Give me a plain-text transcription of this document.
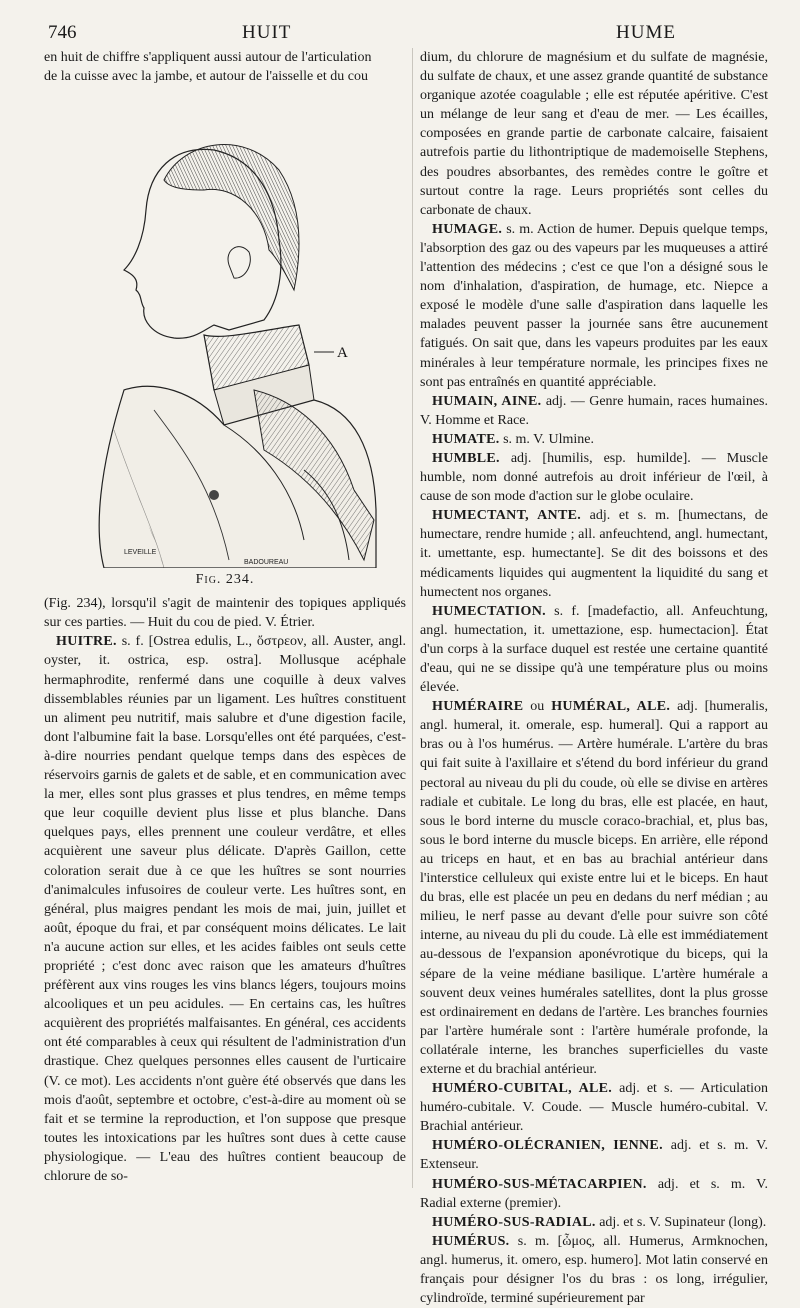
746	HUIT	HUME

en huit de chiffre s'appliquent aussi autour de l'articulation

de la cuisse avec la jambe, et autour de l'aisselle et du cou

A
LEVEILLE
BADOUREAU
Fig. 234.

(Fig. 234), lorsqu'il s'agit de maintenir des topiques appliqués sur ces parties. — Huit du cou de pied. V. Étrier.

HUITRE. s. f. [Ostrea edulis, L., ὄστρεον, all. Auster, angl. oyster, it. ostrica, esp. ostra]. Mollusque acéphale hermaphrodite, renfermé dans une coquille à deux valves dissemblables réunies par un ligament. Les huîtres constituent un aliment peu nutritif, mais salubre et d'une digestion facile, dont l'albumine fait la base. Lorsqu'elles ont été parquées, c'est-à-dire nourries pendant quelque temps dans des espèces de réservoirs garnis de galets et de sable, et en communication avec la mer, elles sont plus grasses et plus tendres, en même temps que leur coquille devient plus lisse et plus blanche. Dans quelques pays, elles prennent une couleur verdâtre, et elles acquièrent une saveur plus délicate. D'après Gaillon, cette coloration serait due à ce que les huîtres se sont nourries d'animalcules infusoires de couleur verte. Les huîtres sont, en général, plus maigres pendant les mois de mai, juin, juillet et août, époque du frai, et par conséquent moins délicates. Le lait n'a aucune action sur elles, et les acides faibles ont seuls cette propriété ; c'est donc avec raison que les amateurs d'huîtres préfèrent aux vins rouges les vins blancs légers, toujours moins alcooliques et un peu acidules. — En certains cas, les huîtres acquièrent des propriétés malfaisantes. En général, ces accidents ont été comparables à ceux qui résultent de l'administration d'un drastique. Chez quelques personnes elles causent de l'urticaire (V. ce mot). Les accidents n'ont guère été observés que dans les mois d'août, septembre et octobre, c'est-à-dire au moment où se fait et se termine la reproduction, et l'on suppose que presque toutes les intoxications par les huîtres sont dues à cette cause physiologique. — L'eau des huîtres contient beaucoup de chlorure de so-

dium, du chlorure de magnésium et du sulfate de magnésie, du sulfate de chaux, et une assez grande quantité de substance organique azotée coagulable ; elle est réputée apéritive. C'est un mélange de leur sang et d'eau de mer. — Les écailles, composées en grande partie de carbonate calcaire, faisaient autrefois partie du lithontriptique de mademoiselle Stephens, des poudres absorbantes, des remèdes contre le goître et surtout contre la rage. Leurs propriétés sont celles du carbonate de chaux.

HUMAGE. s. m. Action de humer. Depuis quelque temps, l'absorption des gaz ou des vapeurs par les muqueuses a attiré l'attention des médecins ; c'est ce que l'on a désigné sous le nom d'inhalation, d'aspiration, de humage, etc. Niepce a exposé le modèle d'une salle d'aspiration dans laquelle les malades peuvent passer la journée sans être aucunement fatigués. On sait que, dans les vapeurs produites par les eaux minérales à leur température normale, les principes fixes ne sont pas entraînés en quantité appréciable.

HUMAIN, AINE. adj. — Genre humain, races humaines. V. Homme et Race.

HUMATE. s. m. V. Ulmine.

HUMBLE. adj. [humilis, esp. humilde]. — Muscle humble, nom donné autrefois au droit inférieur de l'œil, à cause de son mode d'action sur le globe oculaire.

HUMECTANT, ANTE. adj. et s. m. [humectans, de humectare, rendre humide ; all. anfeuchtend, angl. humectant, it. umettante, esp. humectante]. Se dit des boissons et des médicaments liquides qui augmentent la liquidité du sang et humectent nos organes.

HUMECTATION. s. f. [madefactio, all. Anfeuchtung, angl. humectation, it. umettazione, esp. humectacion]. État d'un corps à la surface duquel est restée une certaine quantité d'eau, qui ne se dissipe qu'à une température plus ou moins élevée.

HUMÉRAIRE ou HUMÉRAL, ALE. adj. [humeralis, angl. humeral, it. omerale, esp. humeral]. Qui a rapport au bras ou à l'os humérus. — Artère humérale. L'artère du bras qui fait suite à l'axillaire et s'étend du bord inférieur du grand pectoral au niveau du pli du coude, où elle se divise en artères radiale et cubitale. Le long du bras, elle est placée, en haut, sous le bord interne du muscle coraco-brachial, et, plus bas, sous le bord interne du muscle biceps. En arrière, elle répond au triceps en haut, et en bas au brachial antérieur dans l'interstice celluleux qui existe entre lui et le biceps. En haut du bras, elle est placée un peu en dedans du nerf médian ; au milieu, le nerf passe au devant d'elle pour suivre son côté interne, au niveau du pli du coude. Là elle est immédiatement au-dessous de l'expansion aponévrotique du biceps, qui la sépare de la veine médiane basilique. L'artère humérale a souvent deux veines humérales satellites, dont la plus grosse est ordinairement en dedans de l'artère. Les branches fournies par l'artère humérale sont : l'artère humérale profonde, la collatérale interne, les branches superficielles du vaste externe et du brachial antérieur.

HUMÉRO-CUBITAL, ALE. adj. et s. — Articulation huméro-cubitale. V. Coude. — Muscle huméro-cubital. V. Brachial antérieur.

HUMÉRO-OLÉCRANIEN, IENNE. adj. et s. m. V. Extenseur.

HUMÉRO-SUS-MÉTACARPIEN. adj. et s. m. V. Radial externe (premier).

HUMÉRO-SUS-RADIAL. adj. et s. V. Supinateur (long).

HUMÉRUS. s. m. [ὦμος, all. Humerus, Armknochen, angl. humerus, it. omero, esp. humero]. Mot latin conservé en français pour désigner l'os du bras : os long, irrégulier, cylindroïde, terminé supérieurement par
